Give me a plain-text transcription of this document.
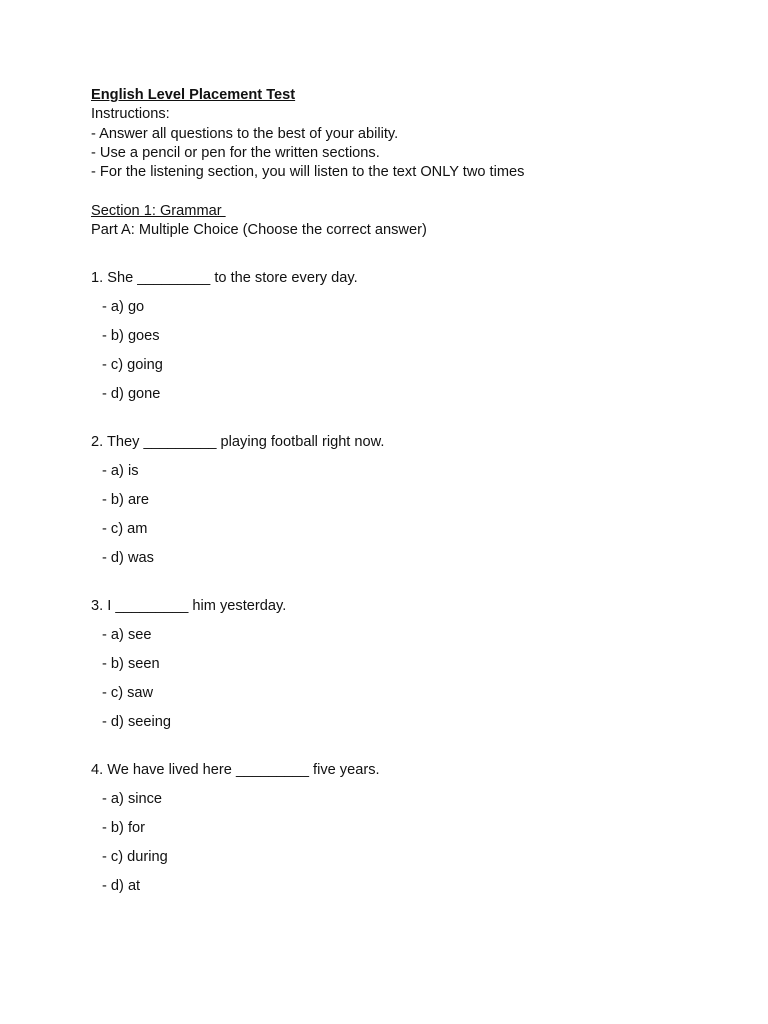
English Level Placement Test
Instructions:
- Answer all questions to the best of your ability.
- Use a pencil or pen for the written sections.
- For the listening section, you will listen to the text ONLY two times
Section 1: Grammar
Part A: Multiple Choice (Choose the correct answer)
1. She _________ to the store every day.
- a) go
- b) goes
- c) going
- d) gone
2. They _________ playing football right now.
- a) is
- b) are
- c) am
- d) was
3. I _________ him yesterday.
- a) see
- b) seen
- c) saw
- d) seeing
4. We have lived here _________ five years.
- a) since
- b) for
- c) during
- d) at
